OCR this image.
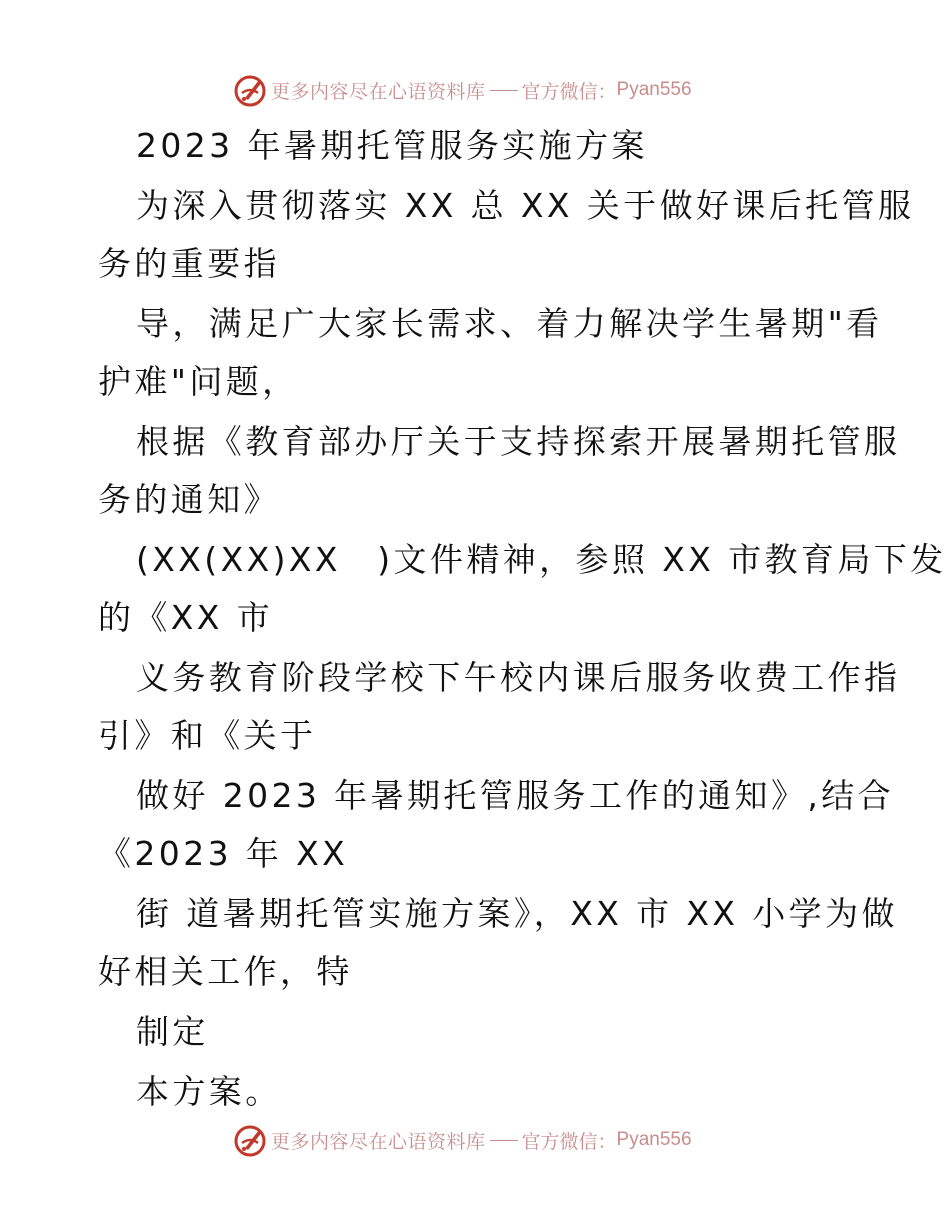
更多内容尽在心语资料库 官方微信： Pyan556
2023 年暑期托管服务实施方案
为深入贯彻落实 XX 总 XX 关于做好课后托管服
务的重要指
导，满足广大家长需求、着力解决学生暑期"看
护难"问题，
根据《教育部办厅关于支持探索开展暑期托管服
务的通知》
(XX(XX)XX　)文件精神，参照 XX 市教育局下发
的《XX 市
义务教育阶段学校下午校内课后服务收费工作指
引》和《关于
做好 2023 年暑期托管服务工作的通知》,结合
《2023 年 XX
街 道暑期托管实施方案》，XX 市 XX 小学为做
好相关工作，特
制定
本方案。
更多内容尽在心语资料库 官方微信： Pyan556
